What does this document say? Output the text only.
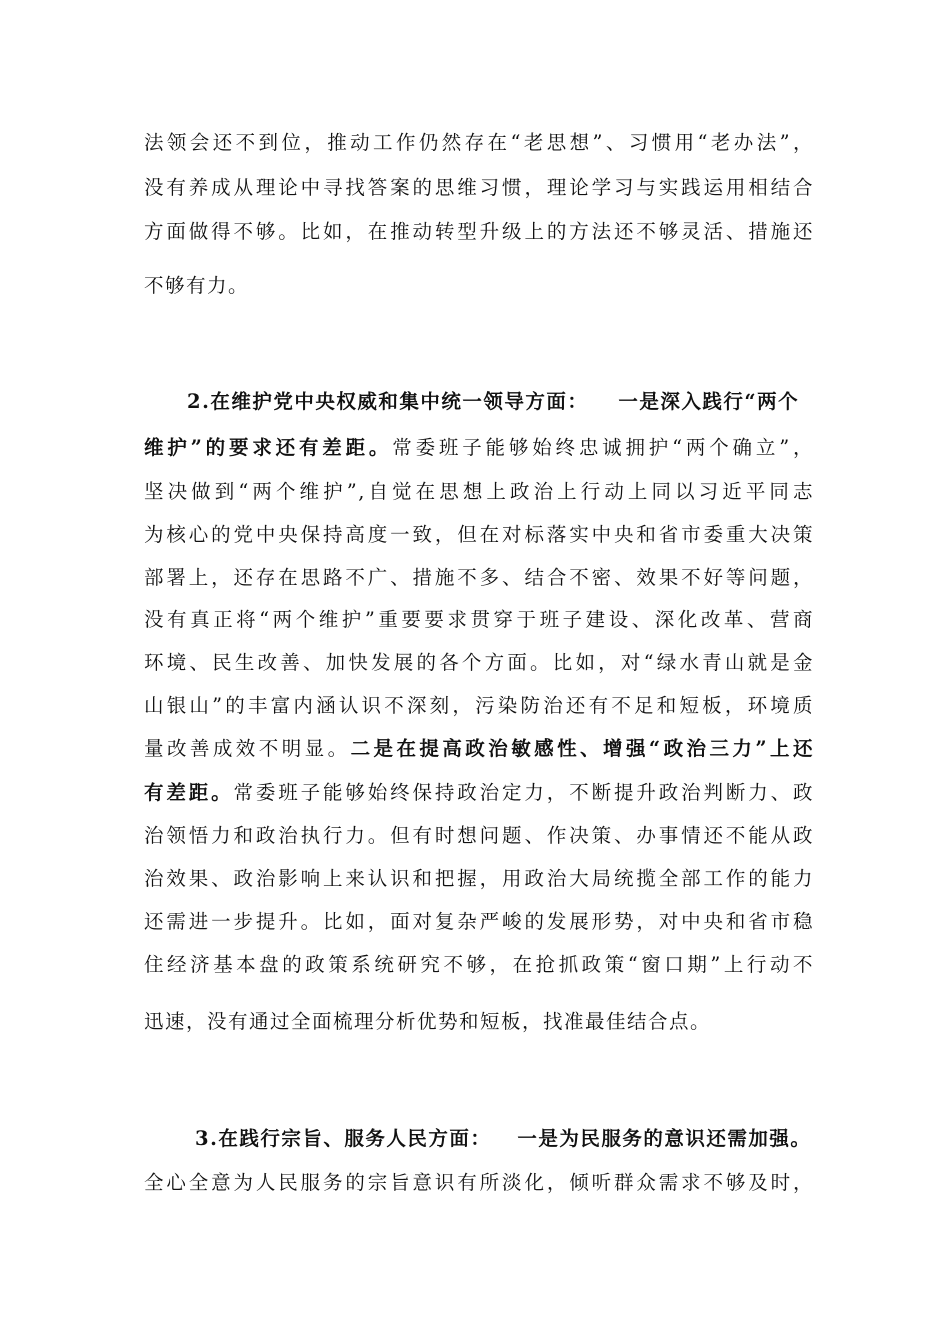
法领会还不到位，推动工作仍然存在“老思想”、习惯用“老办法”，
没有养成从理论中寻找答案的思维习惯，理论学习与实践运用相结合
方面做得不够。比如，在推动转型升级上的方法还不够灵活、措施还
不够有力。
2.在维护党中央权威和集中统一领导方面： 一是深入践行“两个
维护”的要求还有差距。常委班子能够始终忠诚拥护“两个确立”，
坚决做到“两个维护”,自觉在思想上政治上行动上同以习近平同志
为核心的党中央保持高度一致，但在对标落实中央和省市委重大决策
部署上，还存在思路不广、措施不多、结合不密、效果不好等问题，
没有真正将“两个维护”重要要求贯穿于班子建设、深化改革、营商
环境、民生改善、加快发展的各个方面。比如，对“绿水青山就是金
山银山”的丰富内涵认识不深刻，污染防治还有不足和短板，环境质
量改善成效不明显。二是在提高政治敏感性、增强“政治三力”上还
有差距。常委班子能够始终保持政治定力，不断提升政治判断力、政
治领悟力和政治执行力。但有时想问题、作决策、办事情还不能从政
治效果、政治影响上来认识和把握，用政治大局统揽全部工作的能力
还需进一步提升。比如，面对复杂严峻的发展形势，对中央和省市稳
住经济基本盘的政策系统研究不够，在抢抓政策“窗口期”上行动不
迅速，没有通过全面梳理分析优势和短板，找准最佳结合点。
3.在践行宗旨、服务人民方面： 一是为民服务的意识还需加强。
全心全意为人民服务的宗旨意识有所淡化，倾听群众需求不够及时，
